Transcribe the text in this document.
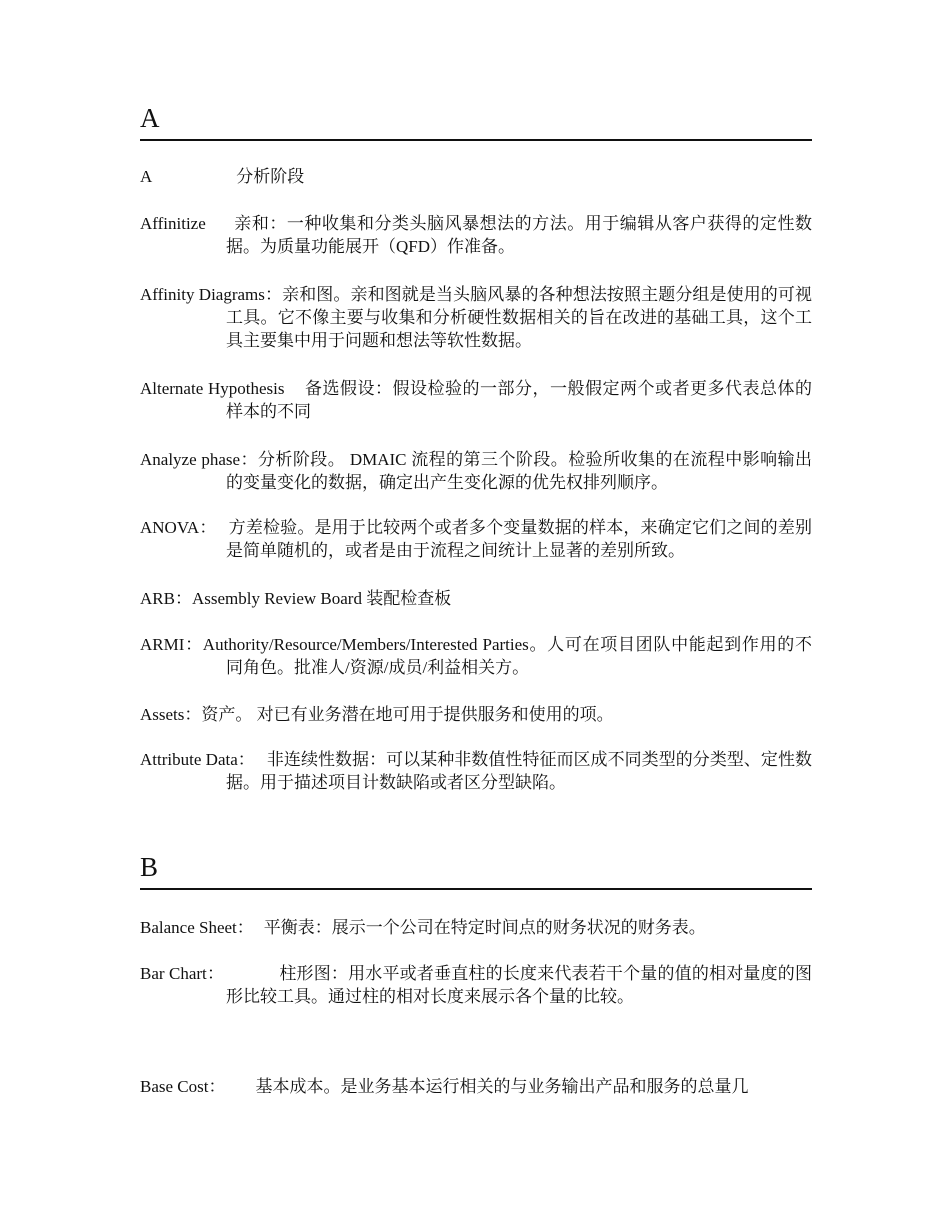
A

A	分析阶段

Affinitize 亲和：一种收集和分类头脑风暴想法的方法。用于编辑从客户获得的定性数据。为质量功能展开（QFD）作准备。

Affinity Diagrams：亲和图。亲和图就是当头脑风暴的各种想法按照主题分组是使用的可视工具。它不像主要与收集和分析硬性数据相关的旨在改进的基础工具，这个工具主要集中用于问题和想法等软性数据。

Alternate Hypothesis 备选假设：假设检验的一部分，一般假定两个或者更多代表总体的样本的不同

Analyze phase：分析阶段。 DMAIC 流程的第三个阶段。检验所收集的在流程中影响输出的变量变化的数据，确定出产生变化源的优先权排列顺序。

ANOVA： 方差检验。是用于比较两个或者多个变量数据的样本，来确定它们之间的差别是简单随机的，或者是由于流程之间统计上显著的差别所致。

ARB：Assembly Review Board 装配检查板

ARMI：Authority/Resource/Members/Interested Parties。人可在项目团队中能起到作用的不同角色。批准人/资源/成员/利益相关方。

Assets：资产。 对已有业务潜在地可用于提供服务和使用的项。

Attribute Data： 非连续性数据：可以某种非数值性特征而区成不同类型的分类型、定性数据。用于描述项目计数缺陷或者区分型缺陷。

B

Balance Sheet： 平衡表：展示一个公司在特定时间点的财务状况的财务表。

Bar Chart：	柱形图：用水平或者垂直柱的长度来代表若干个量的值的相对量度的图形比较工具。通过柱的相对长度来展示各个量的比较。

Base Cost： 基本成本。是业务基本运行相关的与业务输出产品和服务的总量几
